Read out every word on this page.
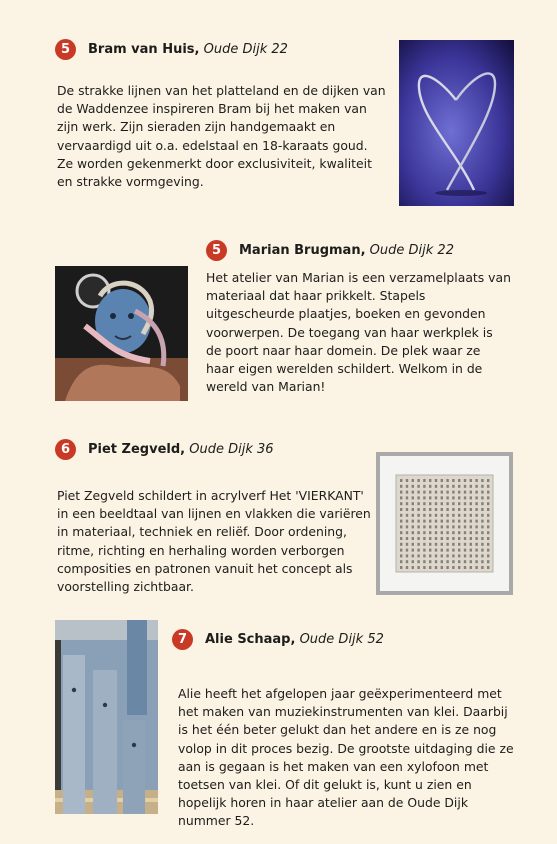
5	Bram van Huis,
Oude Dijk 22

De strakke lijnen van het platteland en de dijken van de Waddenzee inspireren Bram bij het maken van zijn werk. Zijn sieraden zijn handgemaakt en vervaardigd uit o.a. edelstaal en 18-karaats goud. Ze worden gekenmerkt door exclusiviteit, kwaliteit en strakke vormgeving.

5	Marian Brugman,
Oude Dijk 22

Het atelier van Marian is een verzamelplaats van materiaal dat haar prikkelt. Stapels uitgescheurde plaatjes, boeken en gevonden voorwerpen. De toegang van haar werkplek is de poort naar haar domein. De plek waar ze haar eigen werelden schildert. Welkom in de wereld van Marian!

6	Piet Zegveld,
Oude Dijk 36

Piet Zegveld schildert in acrylverf Het 'VIERKANT' in een beeldtaal van lijnen en vlakken die variëren in materiaal, techniek en reliëf. Door ordening, ritme, richting en herhaling worden verborgen composities en patronen vanuit het concept als voorstelling zichtbaar.

7	Alie Schaap,
Oude Dijk 52

Alie heeft het afgelopen jaar geëxperimenteerd met het maken van muziekinstrumenten van klei. Daarbij is het één beter gelukt dan het andere en is ze nog volop in dit proces bezig. De grootste uitdaging die ze aan is gegaan is het maken van een xylofoon met toetsen van klei. Of dit gelukt is, kunt u zien en hopelijk horen in haar atelier aan de Oude Dijk nummer 52.
